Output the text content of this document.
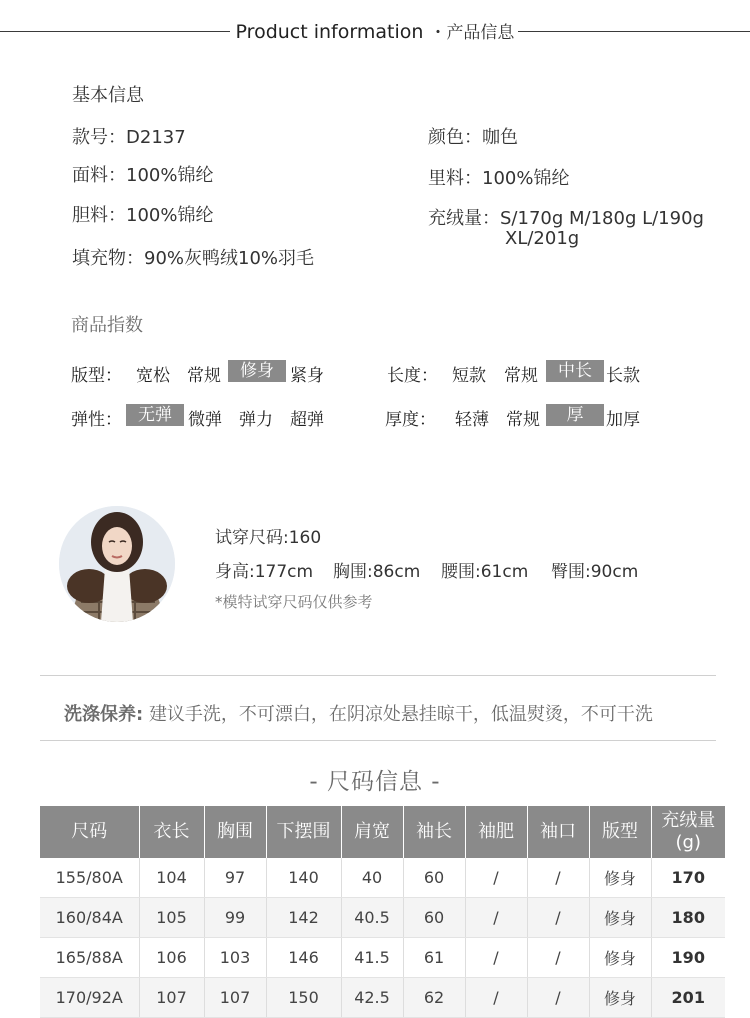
Product information ・产品信息
基本信息
款号：D2137
面料：100%锦纶
胆料：100%锦纶
填充物：90%灰鸭绒10%羽毛
颜色：咖色
里料：100%锦纶
充绒量：S/170g M/180g L/190g
XL/201g
商品指数
版型： 宽松 常规	修身 紧身	长度： 短款 常规	中长 长款
弹性： 无弹 微弹 弹力 超弹	厚度： 轻薄 常规	厚	加厚
试穿尺码:160
身高:177cm 胸围:86cm 腰围:61cm 臀围:90cm
*模特试穿尺码仅供参考
洗涤保养: 建议手洗，不可漂白，在阴凉处悬挂晾干，低温熨烫，不可干洗
- 尺码信息 -
尺码	衣长	胸围	下摆围	肩宽	袖长	袖肥	袖口	版型	充绒量
(g)
155/80A	104	97	140	40	60	/	/	修身	170
160/84A	105	99	142	40.5	60	/	/	修身	180
165/88A	106	103	146	41.5	61	/	/	修身	190
170/92A	107	107	150	42.5	62	/	/	修身	201
